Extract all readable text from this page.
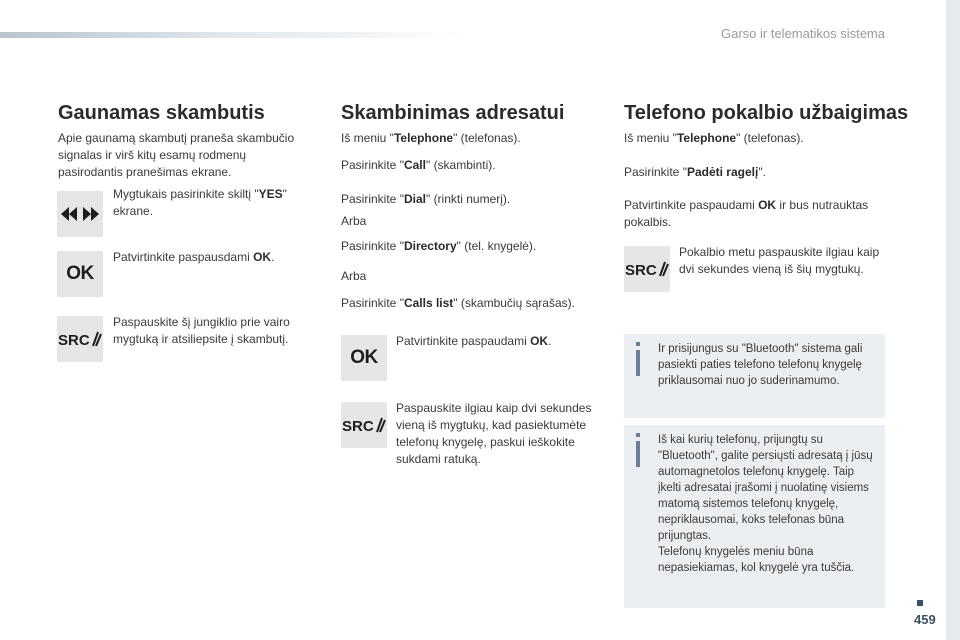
Garso ir telematikos sistema
Gaunamas skambutis

Apie gaunamą skambutį praneša skambučio signalas ir virš kitų esamų rodmenų pasirodantis pranešimas ekrane.

Mygtukais pasirinkite skiltį "YES" ekrane.

OK

Patvirtinkite paspausdami OK.

SRC

Paspauskite šį jungiklio prie vairo mygtuką ir atsiliepsite į skambutį.

Skambinimas adresatui

Iš meniu "Telephone" (telefonas).

Pasirinkite "Call" (skambinti).

Pasirinkite "Dial" (rinkti numerį).

Arba

Pasirinkite "Directory" (tel. knygelė).

Arba

Pasirinkite "Calls list" (skambučių sąrašas).

OK

Patvirtinkite paspaudami OK.

SRC

Paspauskite ilgiau kaip dvi sekundes vieną iš mygtukų, kad pasiektumėte telefonų knygelę, paskui ieškokite sukdami ratuką.

Telefono pokalbio užbaigimas

Iš meniu "Telephone" (telefonas).

Pasirinkite "Padėti ragelį".

Patvirtinkite paspaudami OK ir bus nutrauktas pokalbis.

SRC

Pokalbio metu paspauskite ilgiau kaip dvi sekundes vieną iš šių mygtukų.

Ir prisijungus su "Bluetooth" sistema gali pasiekti paties telefono telefonų knygelę priklausomai nuo jo suderinamumo.

Iš kai kurių telefonų, prijungtų su "Bluetooth", galite persiųsti adresatą į jūsų automagnetolos telefonų knygelę. Taip įkelti adresatai įrašomi į nuolatinę visiems matomą sistemos telefonų knygelę, nepriklausomai, koks telefonas būna prijungtas.
Telefonų knygelės meniu būna nepasiekiamas, kol knygelė yra tuščia.

459
